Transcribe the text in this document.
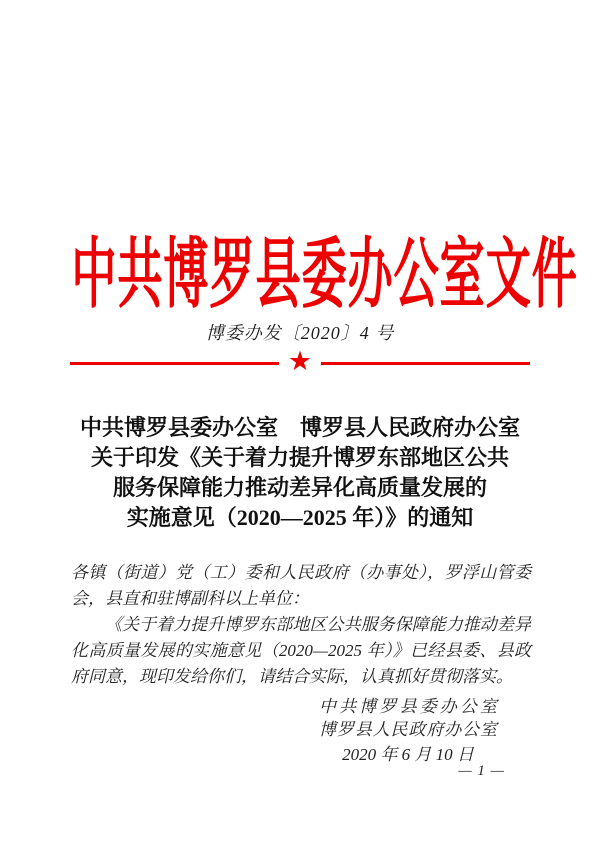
中共博罗县委办公室文件
博委办发〔2020〕4 号
★
中共博罗县委办公室　博罗县人民政府办公室
关于印发《关于着力提升博罗东部地区公共
服务保障能力推动差异化高质量发展的
实施意见（2020—2025 年）》的通知

各镇（街道）党（工）委和人民政府（办事处），罗浮山管委会，县直和驻博副科以上单位：

《关于着力提升博罗东部地区公共服务保障能力推动差异化高质量发展的实施意见（2020—2025 年）》已经县委、县政府同意，现印发给你们，请结合实际，认真抓好贯彻落实。

中共博罗县委办公室
博罗县人民政府办公室
2020 年 6 月 10 日
— 1 —
